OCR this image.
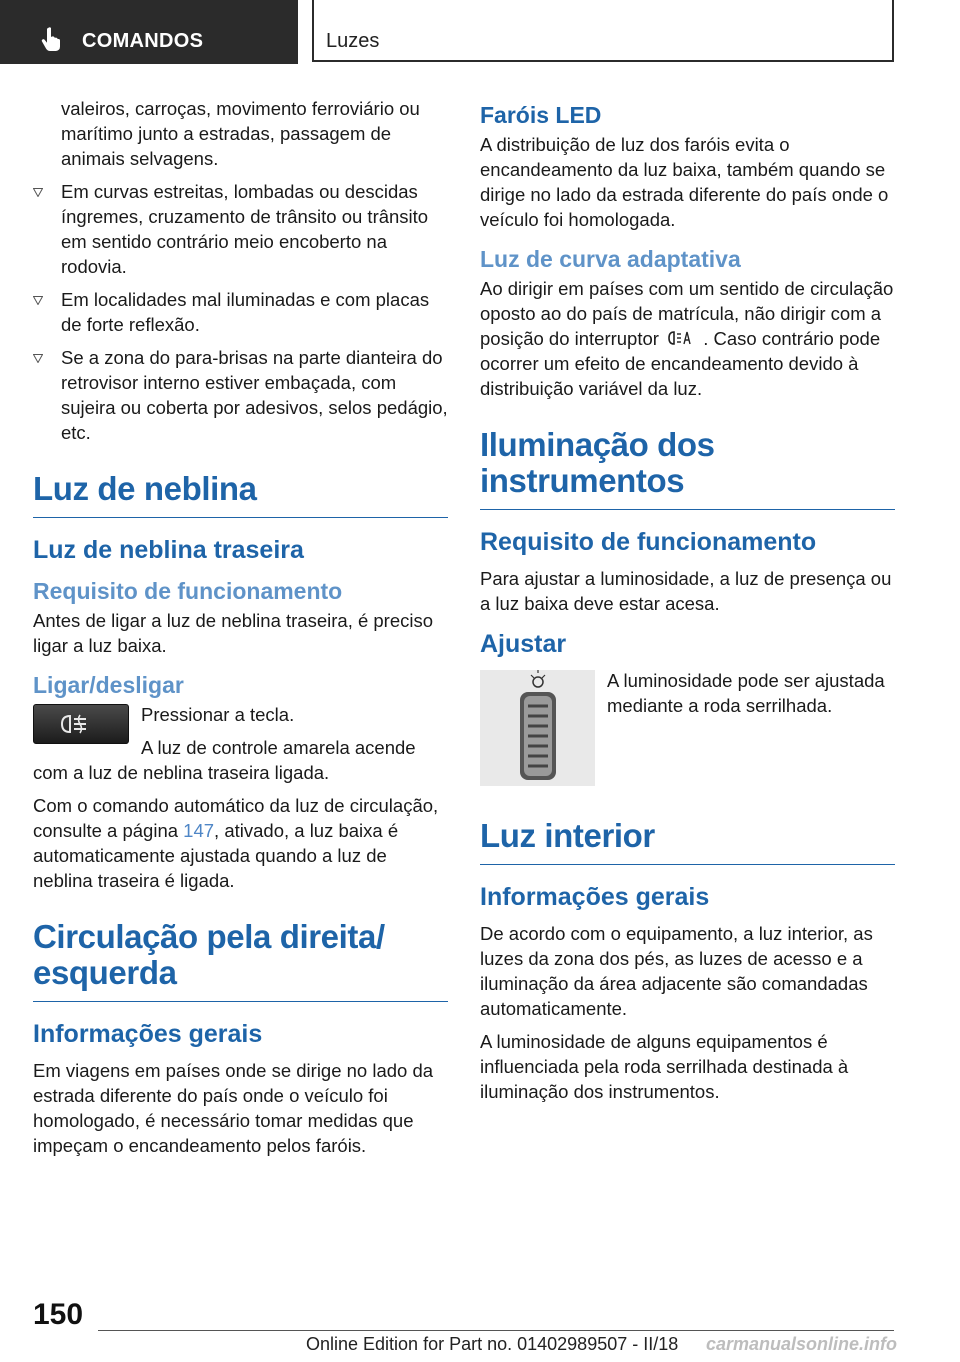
COMANDOS	Luzes

valeiros, carroças, movimento ferroviário ou marítimo junto a estradas, passagem de animais selvagens.

Em curvas estreitas, lombadas ou descidas íngremes, cruzamento de trânsito ou trânsito em sentido contrário meio encoberto na rodovia.
Em localidades mal iluminadas e com placas de forte reflexão.
Se a zona do para-brisas na parte dianteira do retrovisor interno estiver embaçada, com sujeira ou coberta por adesivos, selos pedágio, etc.
Luz de neblina
Luz de neblina traseira
Requisito de funcionamento

Antes de ligar a luz de neblina traseira, é preciso ligar a luz baixa.

Ligar/desligar

Pressionar a tecla.

A luz de controle amarela acende com a luz de neblina traseira ligada.

Com o comando automático da luz de circulação, consulte a página 147, ativado, a luz baixa é automaticamente ajustada quando a luz de neblina traseira é ligada.

Circulação pela direita/ esquerda
Informações gerais

Em viagens em países onde se dirige no lado da estrada diferente do país onde o veículo foi homologado, é necessário tomar medidas que impeçam o encandeamento pelos faróis.

Faróis LED

A distribuição de luz dos faróis evita o encandeamento da luz baixa, também quando se dirige no lado da estrada diferente do país onde o veículo foi homologada.

Luz de curva adaptativa

Ao dirigir em países com um sentido de circulação oposto ao do país de matrícula, não dirigir com a posição do interruptor . Caso contrário pode ocorrer um efeito de encandeamento devido à distribuição variável da luz.

Iluminação dos instrumentos
Requisito de funcionamento

Para ajustar a luminosidade, a luz de presença ou a luz baixa deve estar acesa.

Ajustar

A luminosidade pode ser ajustada mediante a roda serrilhada.

Luz interior
Informações gerais

De acordo com o equipamento, a luz interior, as luzes da zona dos pés, as luzes de acesso e a iluminação da área adjacente são comandadas automaticamente.

A luminosidade de alguns equipamentos é influenciada pela roda serrilhada destinada à iluminação dos instrumentos.

150
Online Edition for Part no. 01402989507 - II/18 carmanualsonline.info
